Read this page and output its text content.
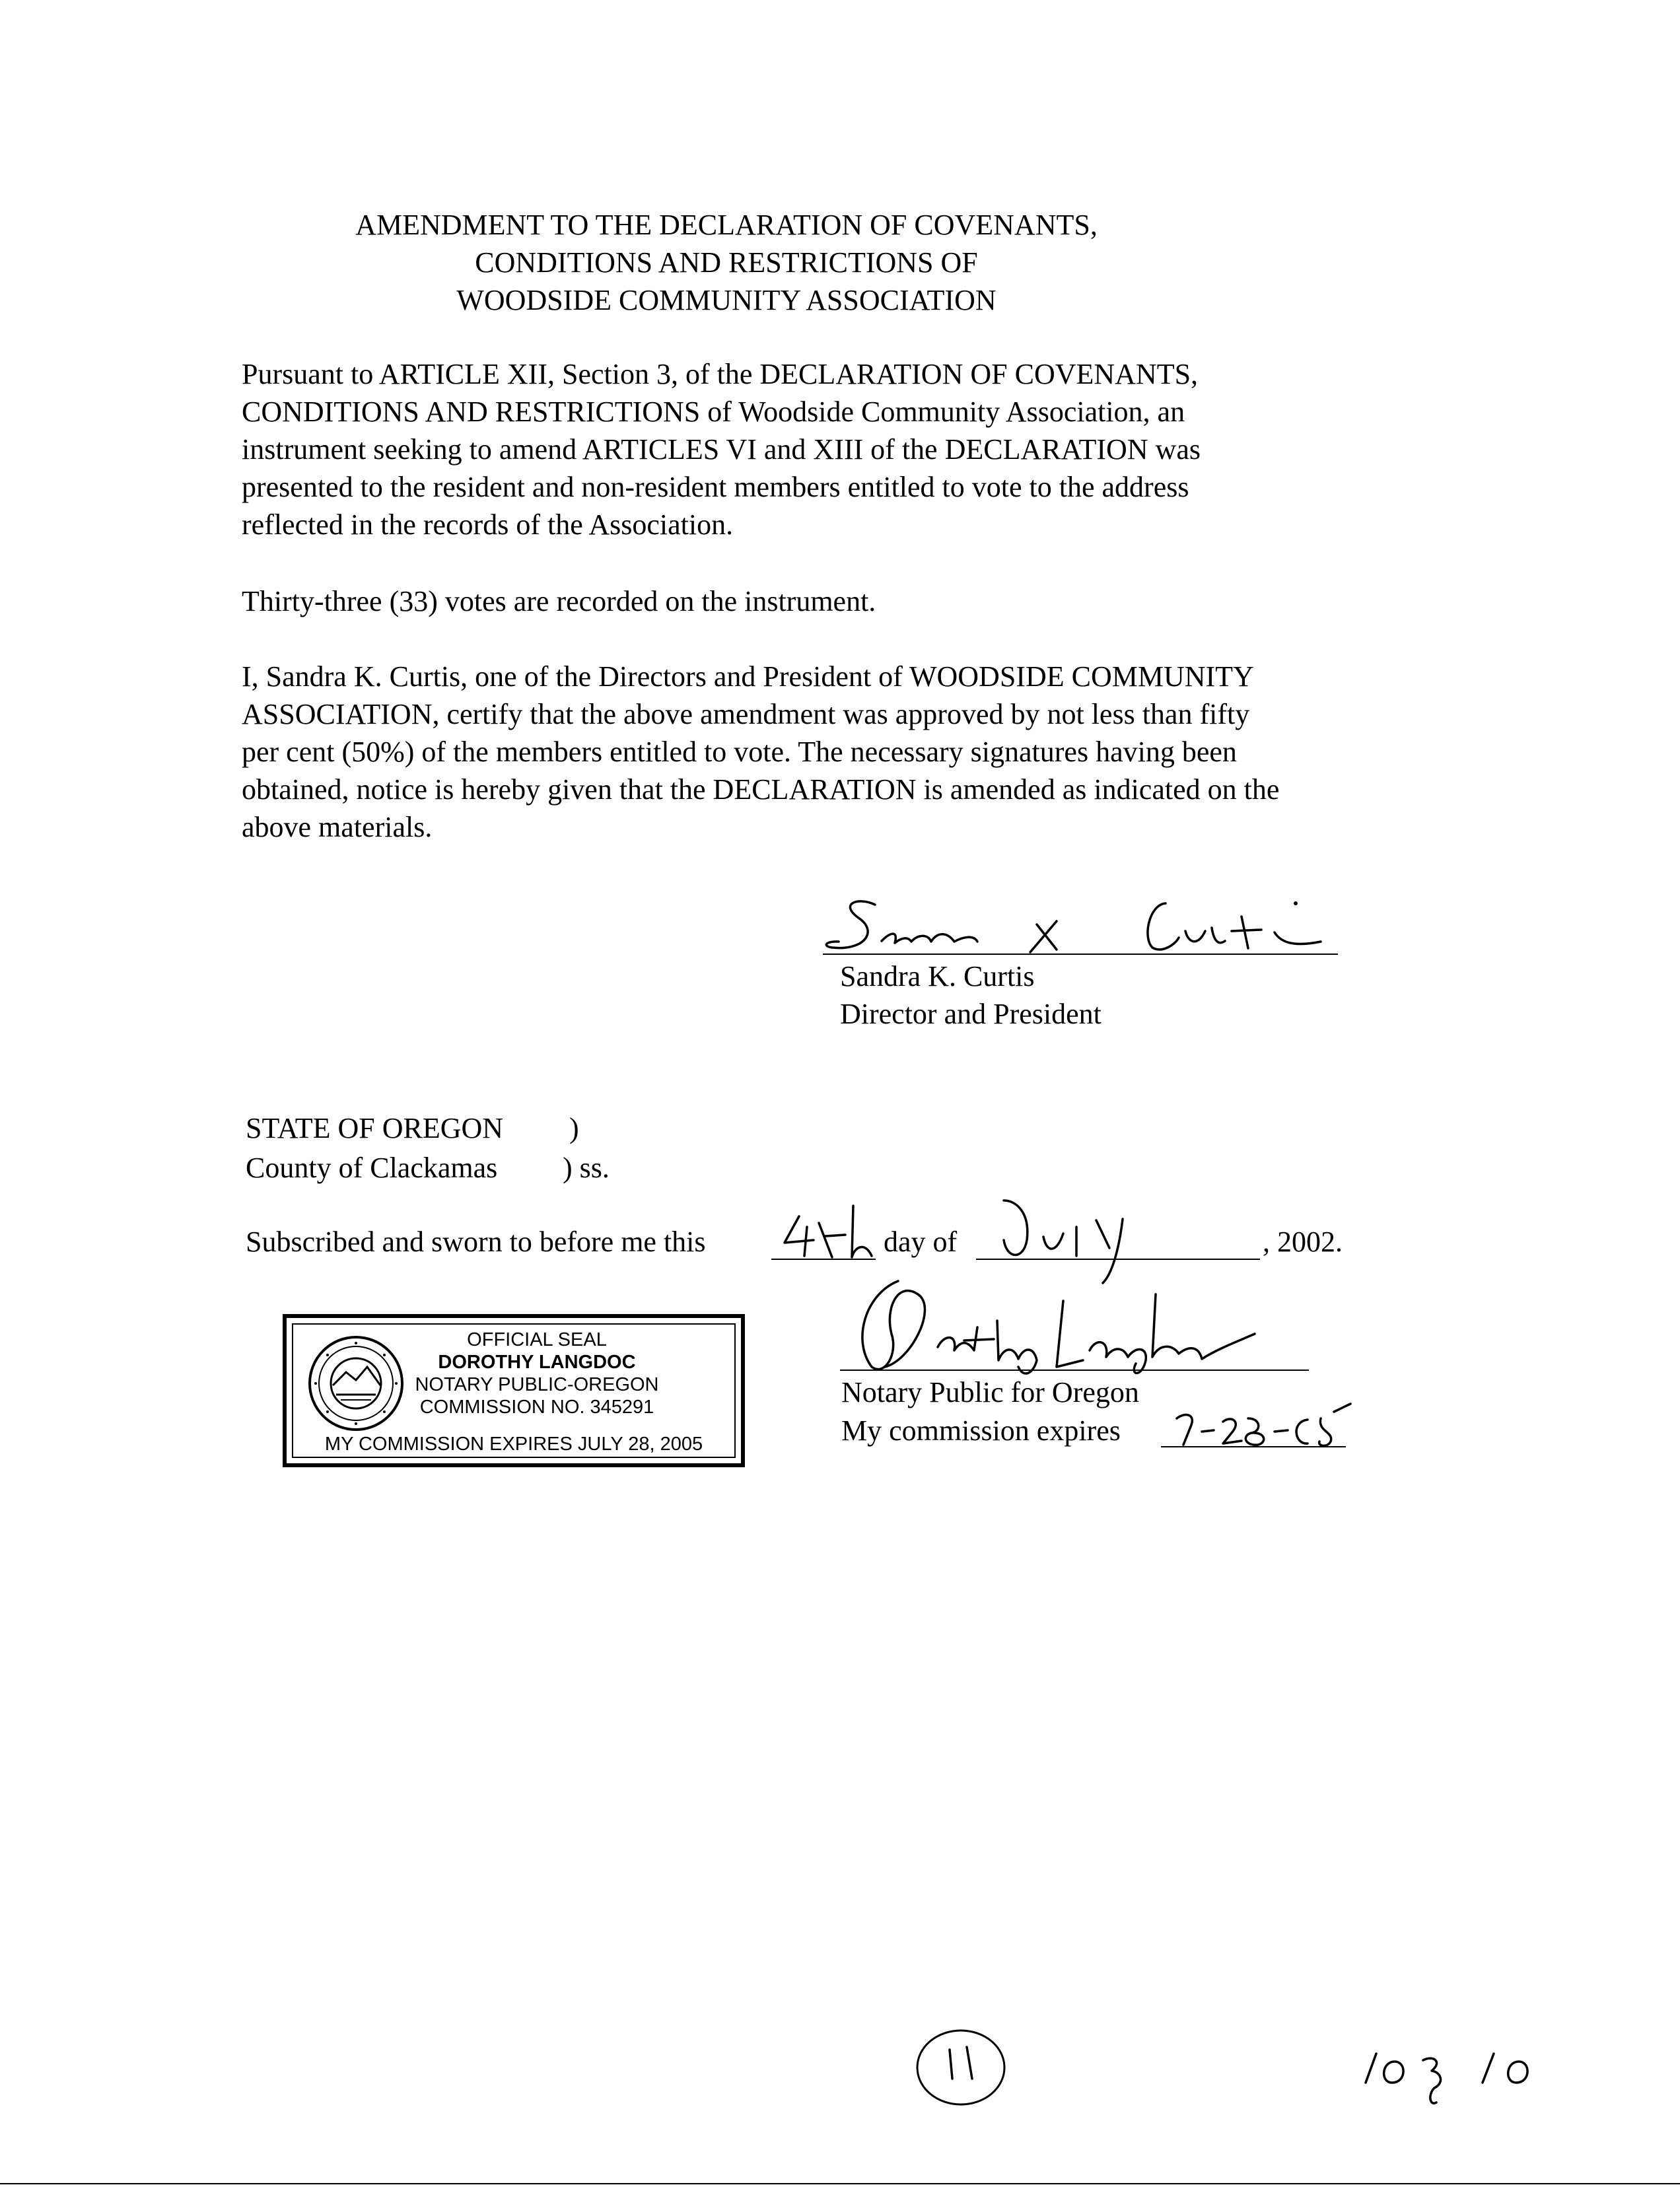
AMENDMENT TO THE DECLARATION OF COVENANTS,
CONDITIONS AND RESTRICTIONS OF
WOODSIDE COMMUNITY ASSOCIATION
Pursuant to ARTICLE XII, Section 3, of the DECLARATION OF COVENANTS,
CONDITIONS AND RESTRICTIONS of Woodside Community Association, an
instrument seeking to amend ARTICLES VI and XIII of the DECLARATION was
presented to the resident and non-resident members entitled to vote to the address
reflected in the records of the Association.
Thirty-three (33) votes are recorded on the instrument.
I, Sandra K. Curtis, one of the Directors and President of WOODSIDE COMMUNITY
ASSOCIATION, certify that the above amendment was approved by not less than fifty
per cent (50%) of the members entitled to vote. The necessary signatures having been
obtained, notice is hereby given that the DECLARATION is amended as indicated on the
above materials.
Sandra K. Curtis
Director and President
STATE OF OREGON )
County of Clackamas ) ss.
Subscribed and sworn to before me this	day of	, 2002.
OFFICIAL SEAL
DOROTHY LANGDOC
NOTARY PUBLIC-OREGON
COMMISSION NO. 345291
MY COMMISSION EXPIRES JULY 28, 2005
Notary Public for Oregon
My commission expires
